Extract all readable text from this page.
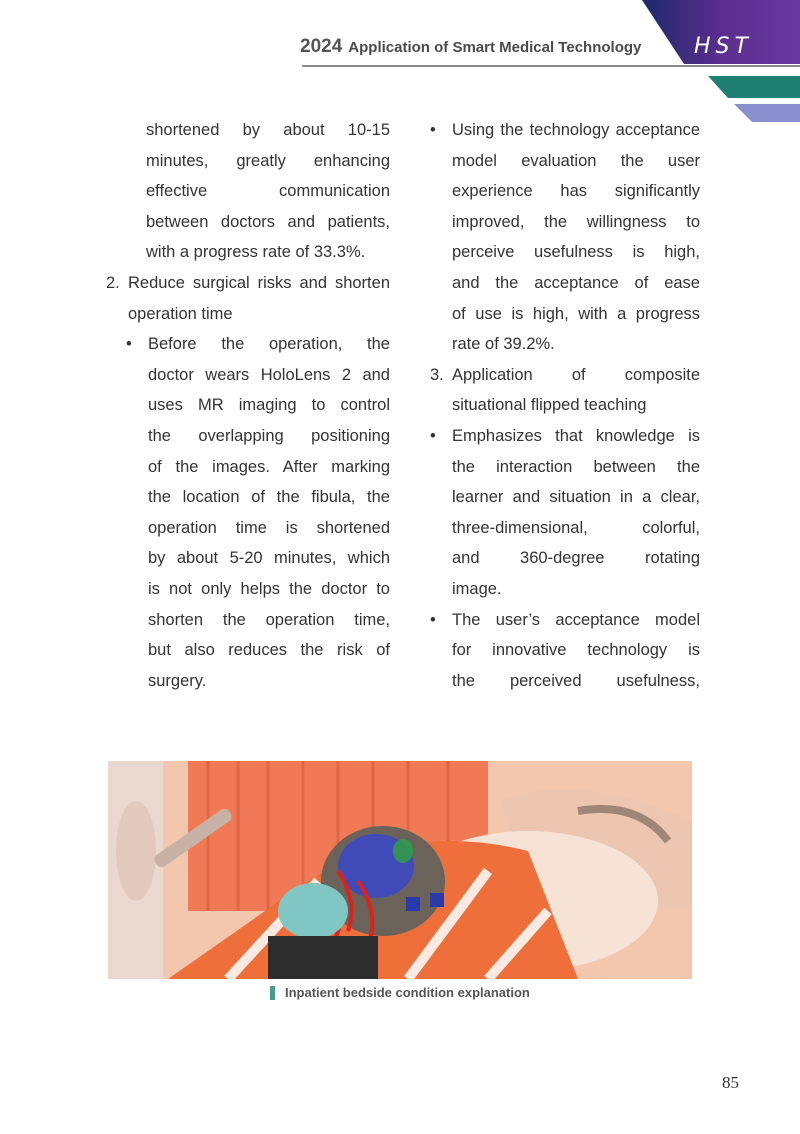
2024 Application of Smart Medical Technology	HST
shortened by about 10-15
minutes, greatly enhancing
effective communication
between doctors and patients,
with a progress rate of 33.3%.
2. Reduce surgical risks and shorten
operation time
• Before the operation, the
doctor wears HoloLens 2 and
uses MR imaging to control
the overlapping positioning
of the images. After marking
the location of the fibula, the
operation time is shortened
by about 5-20 minutes, which
is not only helps the doctor to
shorten the operation time,
but also reduces the risk of
surgery.
• Using the technology acceptance
model evaluation the user
experience has significantly
improved, the willingness to
perceive usefulness is high,
and the acceptance of ease
of use is high, with a progress
rate of 39.2%.
3. Application of composite
situational flipped teaching
• Emphasizes that knowledge is
the interaction between the
learner and situation in a clear,
three-dimensional, colorful,
and 360-degree rotating
image.
• The user’s acceptance model
for innovative technology is
the perceived usefulness,
Inpatient bedside condition explanation
85
